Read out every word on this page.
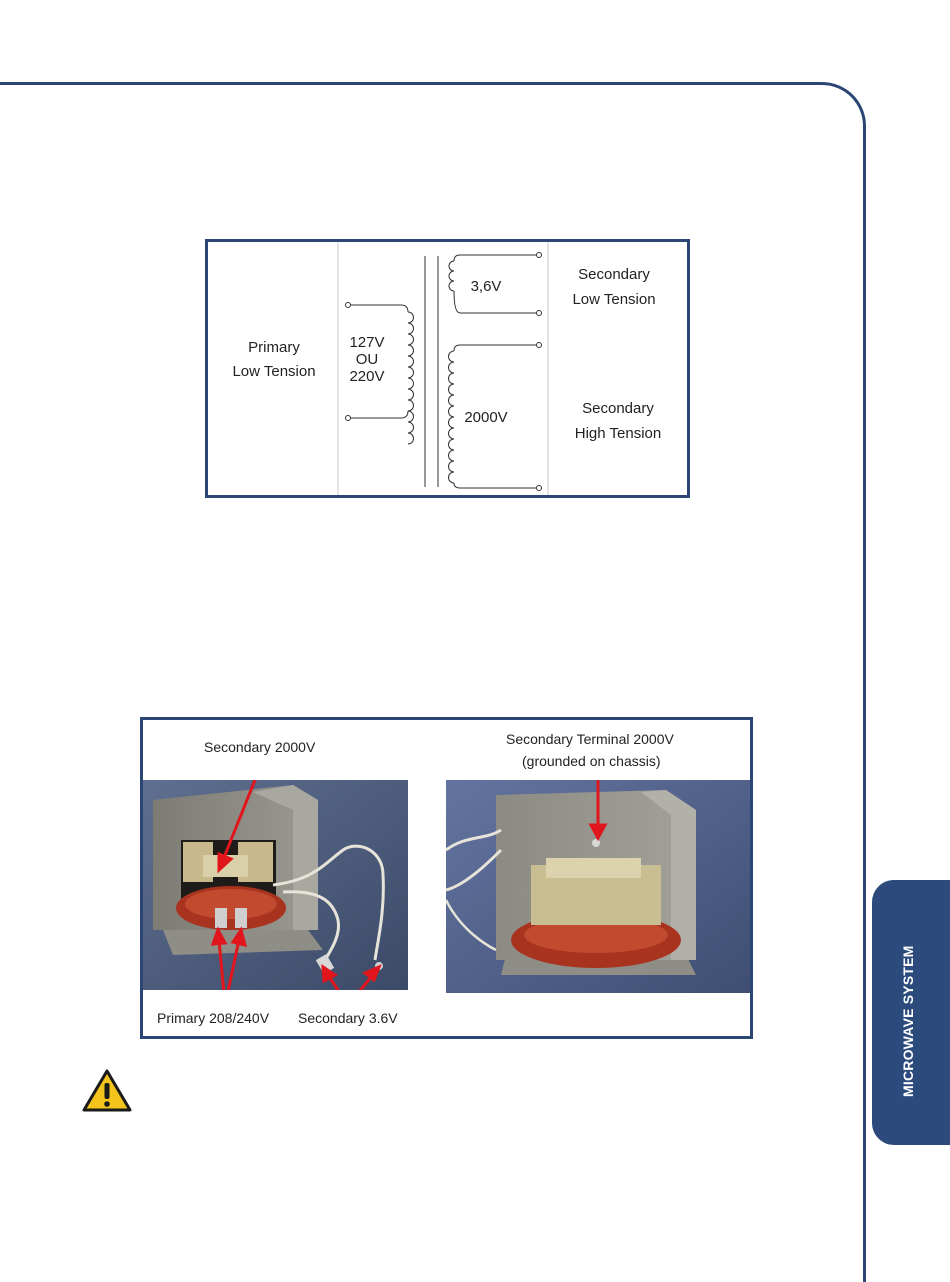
MICROWAVE SYSTEM
Primary
Low Tension
127V
OU
220V
3,6V
2000V
Secondary
Low Tension
Secondary
High Tension
Secondary 2000V	Secondary Terminal 2000V
(grounded on chassis)
Primary 208/240V Secondary 3.6V
